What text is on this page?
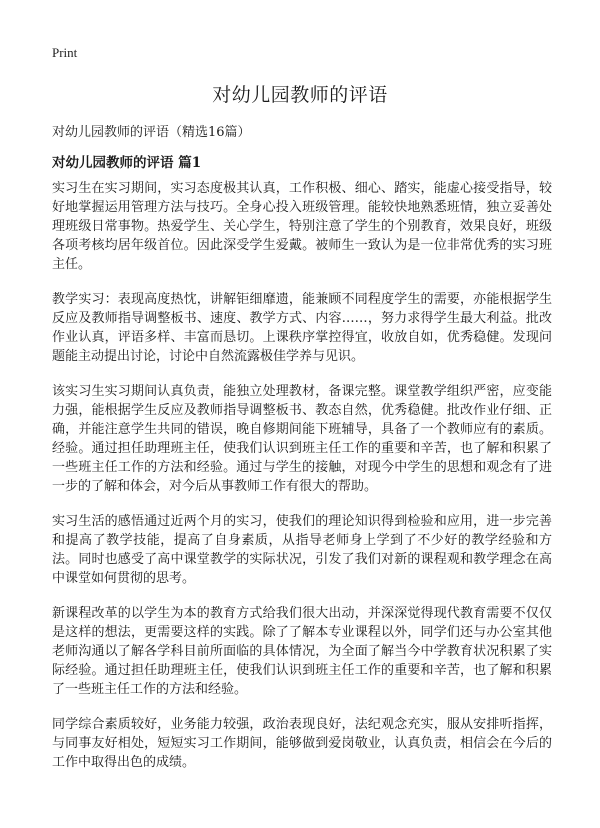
Print
对幼儿园教师的评语

对幼儿园教师的评语（精选16篇）

对幼儿园教师的评语 篇1

实习生在实习期间，实习态度极其认真，工作积极、细心、踏实，能虚心接受指导，较好地掌握运用管理方法与技巧。全身心投入班级管理。能较快地熟悉班情，独立妥善处理班级日常事物。热爱学生、关心学生，特别注意了学生的个别教育，效果良好，班级各项考核均居年级首位。因此深受学生爱戴。被师生一致认为是一位非常优秀的实习班主任。

教学实习：表现高度热忱，讲解钜细靡遗，能兼顾不同程度学生的需要，亦能根据学生反应及教师指导调整板书、速度、教学方式、内容……，努力求得学生最大利益。批改作业认真，评语多样、丰富而恳切。上课秩序掌控得宜，收放自如，优秀稳健。发现问题能主动提出讨论，讨论中自然流露极佳学养与见识。

该实习生实习期间认真负责，能独立处理教材，备课完整。课堂教学组织严密，应变能力强，能根据学生反应及教师指导调整板书、教态自然，优秀稳健。批改作业仔细、正确，并能注意学生共同的错误，晚自修期间能下班辅导，具备了一个教师应有的素质。 经验。通过担任助理班主任，使我们认识到班主任工作的重要和辛苦，也了解和积累了一些班主任工作的方法和经验。通过与学生的接触，对现今中学生的思想和观念有了进一步的了解和体会，对今后从事教师工作有很大的帮助。

实习生活的感悟通过近两个月的实习，使我们的理论知识得到检验和应用，进一步完善和提高了教学技能，提高了自身素质，从指导老师身上学到了不少好的教学经验和方法。同时也感受了高中课堂教学的实际状况，引发了我们对新的课程观和教学理念在高中课堂如何贯彻的思考。

新课程改革的以学生为本的教育方式给我们很大出动，并深深觉得现代教育需要不仅仅是这样的想法，更需要这样的实践。除了了解本专业课程以外，同学们还与办公室其他老师沟通以了解各学科目前所面临的具体情况，为全面了解当今中学教育状况积累了实际经验。通过担任助理班主任，使我们认识到班主任工作的重要和辛苦，也了解和积累了一些班主任工作的方法和经验。

同学综合素质较好，业务能力较强，政治表现良好，法纪观念充实，服从安排听指挥，与同事友好相处，短短实习工作期间，能够做到爱岗敬业，认真负责，相信会在今后的工作中取得出色的成绩。
